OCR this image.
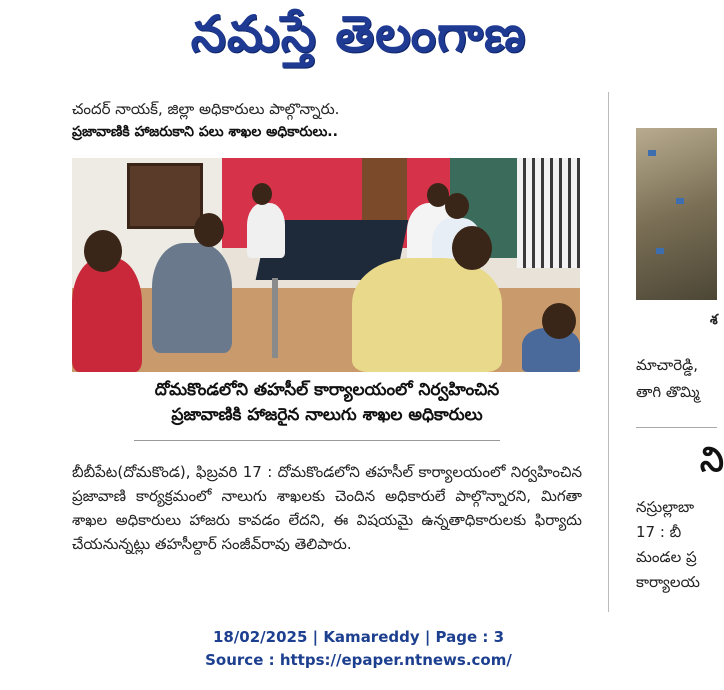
నమస్తే తెలంగాణ

చందర్ నాయక్, జిల్లా అధికారులు పాల్గొన్నారు.

ప్రజావాణికి హాజరుకాని పలు శాఖల అధికారులు..

దోమకొండలోని తహసీల్ కార్యాలయంలో నిర్వహించిన
ప్రజావాణికి హాజరైన నాలుగు శాఖల అధికారులు
బీబీపేట(దోమకొండ), ఫిబ్రవరి 17 : దోమకొండలోని తహసీల్ కార్యాలయంలో నిర్వహించిన ప్రజావాణి కార్యక్రమంలో నాలుగు శాఖలకు చెందిన అధికారులే పాల్గొన్నారని, మిగతా శాఖల అధికారులు హాజరు కావడం లేదని, ఈ విషయమై ఉన్నతాధికారులకు ఫిర్యాదు చేయనున్నట్లు తహసీల్దార్ సంజీవ్‌రావు తెలిపారు.
శ
మాచారెడ్డి,
తాగి తొమ్మి
ని
నస్రుల్లాబా
17 : బీ
మండల ప్ర
కార్యాలయ
18/02/2025 | Kamareddy | Page : 3
Source : https://epaper.ntnews.com/
